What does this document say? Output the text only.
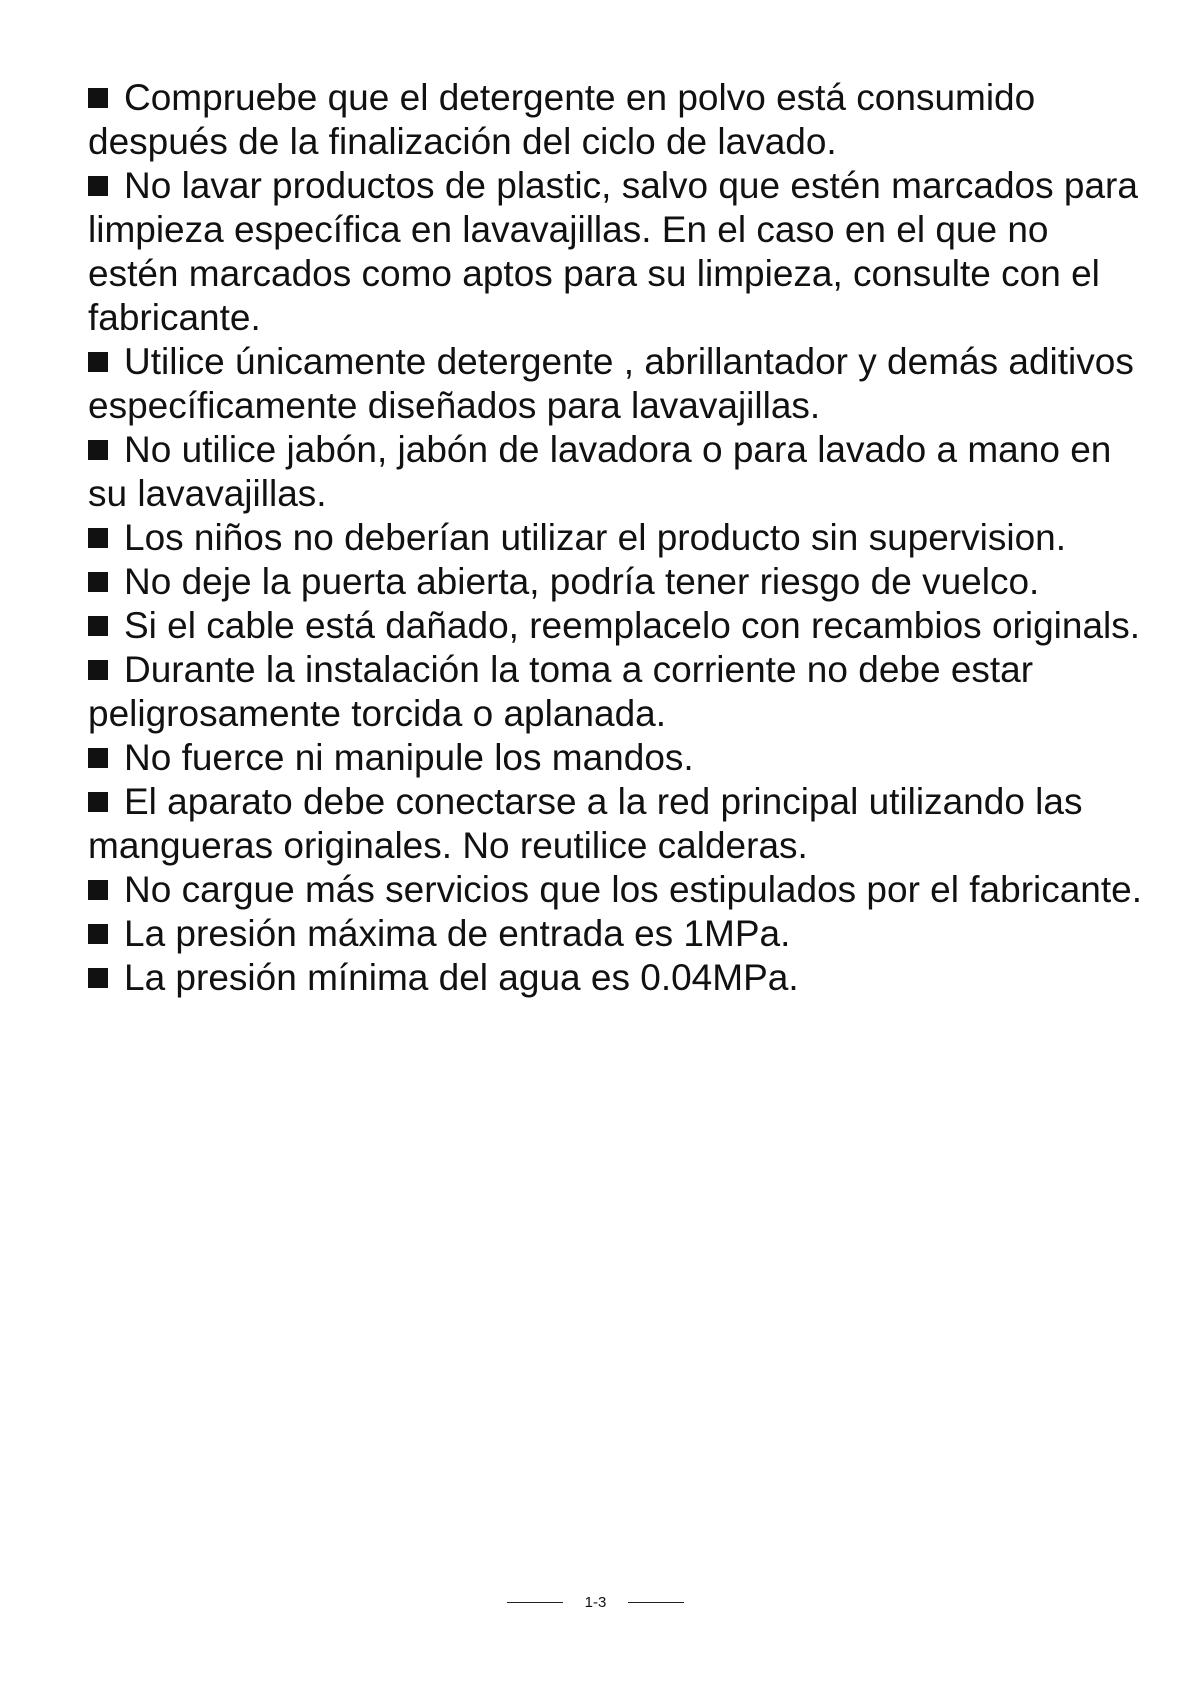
Compruebe que el detergente en polvo está consumido después de la finalización del ciclo de lavado.

No lavar productos de plastic, salvo que estén marcados para limpieza específica en lavavajillas. En el caso en el que no estén marcados como aptos para su limpieza, consulte con el fabricante.

Utilice únicamente detergente , abrillantador y demás aditivos específicamente diseñados para lavavajillas.

No utilice jabón, jabón de lavadora o para lavado a mano en su lavavajillas.

Los niños no deberían utilizar el producto sin supervision.

No deje la puerta abierta, podría tener riesgo de vuelco.

Si el cable está dañado, reemplacelo con recambios originals.

Durante la instalación la toma a corriente no debe estar peligrosamente torcida o aplanada.

No fuerce ni manipule los mandos.

El aparato debe conectarse a la red principal utilizando las mangueras originales. No reutilice calderas.

No cargue más servicios que los estipulados por el fabricante.

La presión máxima de entrada es 1MPa.

La presión mínima del agua es 0.04MPa.

1-3
